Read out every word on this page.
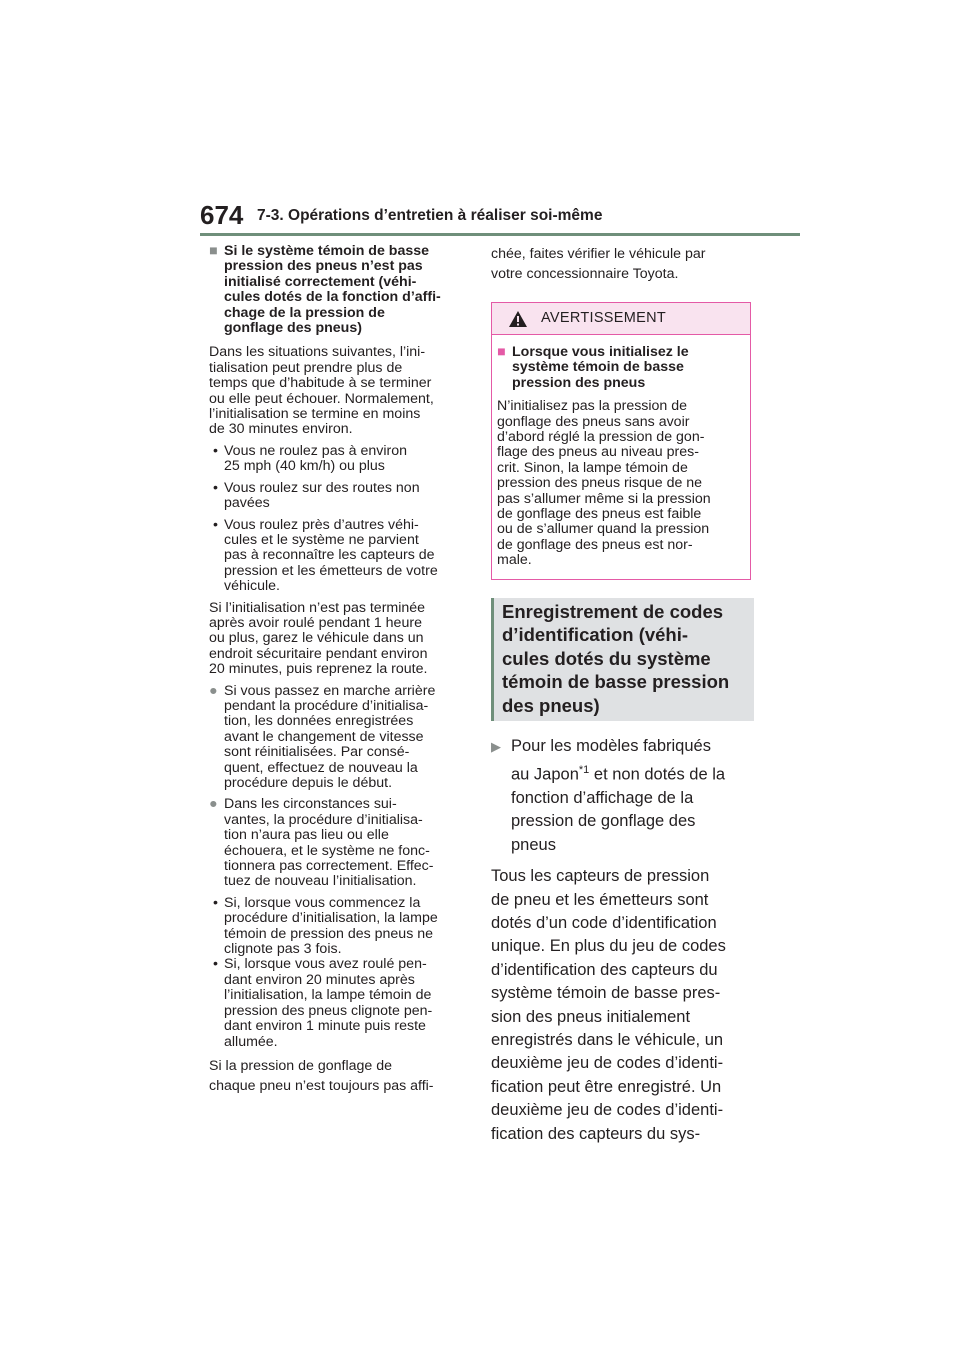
674 7-3. Opérations d’entretien à réaliser soi-même
■ Si le système témoin de basse
pression des pneus n’est pas
initialisé correctement (véhi-
cules dotés de la fonction d’affi-
chage de la pression de
gonflage des pneus)
Dans les situations suivantes, l’ini-
tialisation peut prendre plus de
temps que d’habitude à se terminer
ou elle peut échouer. Normalement,
l’initialisation se termine en moins
de 30 minutes environ.
• Vous ne roulez pas à environ
25 mph (40 km/h) ou plus
• Vous roulez sur des routes non
pavées
• Vous roulez près d’autres véhi-
cules et le système ne parvient
pas à reconnaître les capteurs de
pression et les émetteurs de votre
véhicule.
Si l’initialisation n’est pas terminée
après avoir roulé pendant 1 heure
ou plus, garez le véhicule dans un
endroit sécuritaire pendant environ
20 minutes, puis reprenez la route.
● Si vous passez en marche arrière
pendant la procédure d’initialisa-
tion, les données enregistrées
avant le changement de vitesse
sont réinitialisées. Par consé-
quent, effectuez de nouveau la
procédure depuis le début.
● Dans les circonstances sui-
vantes, la procédure d’initialisa-
tion n’aura pas lieu ou elle
échouera, et le système ne fonc-
tionnera pas correctement. Effec-
tuez de nouveau l’initialisation.
• Si, lorsque vous commencez la
procédure d’initialisation, la lampe
témoin de pression des pneus ne
clignote pas 3 fois.
• Si, lorsque vous avez roulé pen-
dant environ 20 minutes après
l’initialisation, la lampe témoin de
pression des pneus clignote pen-
dant environ 1 minute puis reste
allumée.
Si la pression de gonflage de
chaque pneu n’est toujours pas affi-
chée, faites vérifier le véhicule par
votre concessionnaire Toyota.
AVERTISSEMENT
■ Lorsque vous initialisez le
système témoin de basse
pression des pneus
N’initialisez pas la pression de
gonflage des pneus sans avoir
d’abord réglé la pression de gon-
flage des pneus au niveau pres-
crit. Sinon, la lampe témoin de
pression des pneus risque de ne
pas s’allumer même si la pression
de gonflage des pneus est faible
ou de s’allumer quand la pression
de gonflage des pneus est nor-
male.
Enregistrement de codes
d’identification (véhi-
cules dotés du système
témoin de basse pression
des pneus)
▶ Pour les modèles fabriqués
au Japon$^{*1}$ et non dotés de la
fonction d’affichage de la
pression de gonflage des
pneus
Tous les capteurs de pression
de pneu et les émetteurs sont
dotés d’un code d’identification
unique. En plus du jeu de codes
d’identification des capteurs du
système témoin de basse pres-
sion des pneus initialement
enregistrés dans le véhicule, un
deuxième jeu de codes d’identi-
fication peut être enregistré. Un
deuxième jeu de codes d’identi-
fication des capteurs du sys-
